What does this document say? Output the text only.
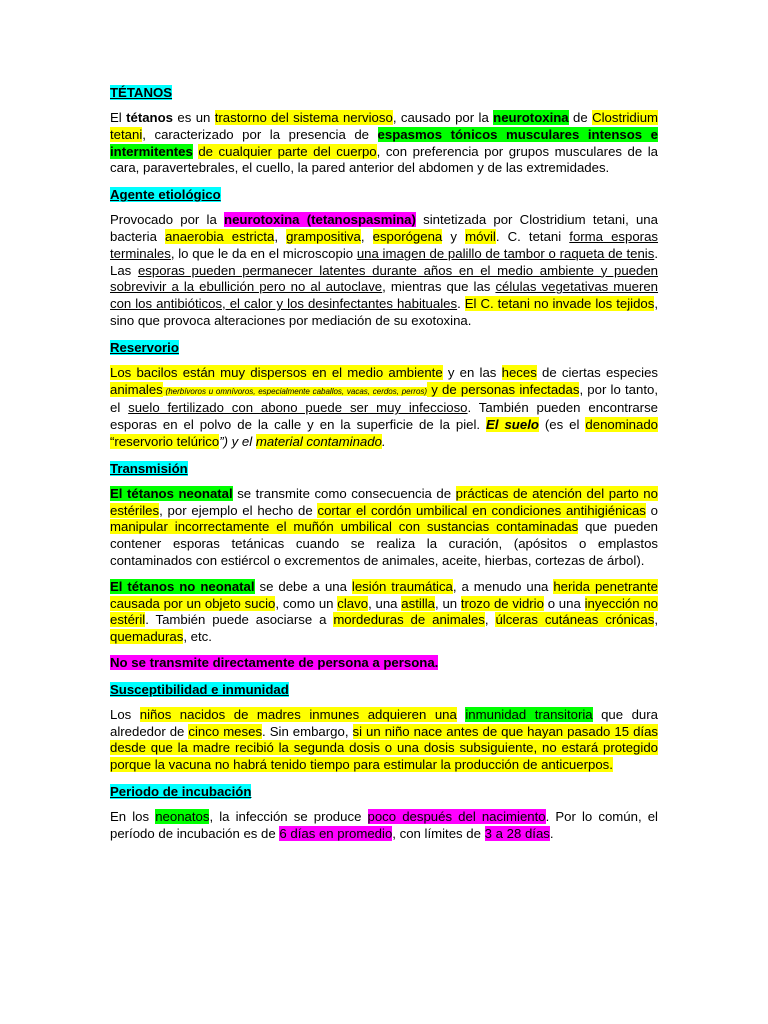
TÉTANOS

El tétanos es un trastorno del sistema nervioso, causado por la neurotoxina de Clostridium tetani, caracterizado por la presencia de espasmos tónicos musculares intensos e intermitentes de cualquier parte del cuerpo, con preferencia por grupos musculares de la cara, paravertebrales, el cuello, la pared anterior del abdomen y de las extremidades.

Agente etiológico

Provocado por la neurotoxina (tetanospasmina) sintetizada por Clostridium tetani, una bacteria anaerobia estricta, grampositiva, esporógena y móvil. C. tetani forma esporas terminales, lo que le da en el microscopio una imagen de palillo de tambor o raqueta de tenis. Las esporas pueden permanecer latentes durante años en el medio ambiente y pueden sobrevivir a la ebullición pero no al autoclave, mientras que las células vegetativas mueren con los antibióticos, el calor y los desinfectantes habituales. El C. tetani no invade los tejidos, sino que provoca alteraciones por mediación de su exotoxina.

Reservorio

Los bacilos están muy dispersos en el medio ambiente y en las heces de ciertas especies animales (herbívoros u omnívoros, especialmente caballos, vacas, cerdos, perros) y de personas infectadas, por lo tanto, el suelo fertilizado con abono puede ser muy infeccioso. También pueden encontrarse esporas en el polvo de la calle y en la superficie de la piel. El suelo (es el denominado “reservorio telúrico”) y el material contaminado.

Transmisión

El tétanos neonatal se transmite como consecuencia de prácticas de atención del parto no estériles, por ejemplo el hecho de cortar el cordón umbilical en condiciones antihigiénicas o manipular incorrectamente el muñón umbilical con sustancias contaminadas que pueden contener esporas tetánicas cuando se realiza la curación, (apósitos o emplastos contaminados con estiércol o excrementos de animales, aceite, hierbas, cortezas de árbol).

El tétanos no neonatal se debe a una lesión traumática, a menudo una herida penetrante causada por un objeto sucio, como un clavo, una astilla, un trozo de vidrio o una inyección no estéril. También puede asociarse a mordeduras de animales, úlceras cutáneas crónicas, quemaduras, etc.

No se transmite directamente de persona a persona.

Susceptibilidad e inmunidad

Los niños nacidos de madres inmunes adquieren una inmunidad transitoria que dura alrededor de cinco meses. Sin embargo, si un niño nace antes de que hayan pasado 15 días desde que la madre recibió la segunda dosis o una dosis subsiguiente, no estará protegido porque la vacuna no habrá tenido tiempo para estimular la producción de anticuerpos.

Periodo de incubación

En los neonatos, la infección se produce poco después del nacimiento. Por lo común, el período de incubación es de 6 días en promedio, con límites de 3 a 28 días.
